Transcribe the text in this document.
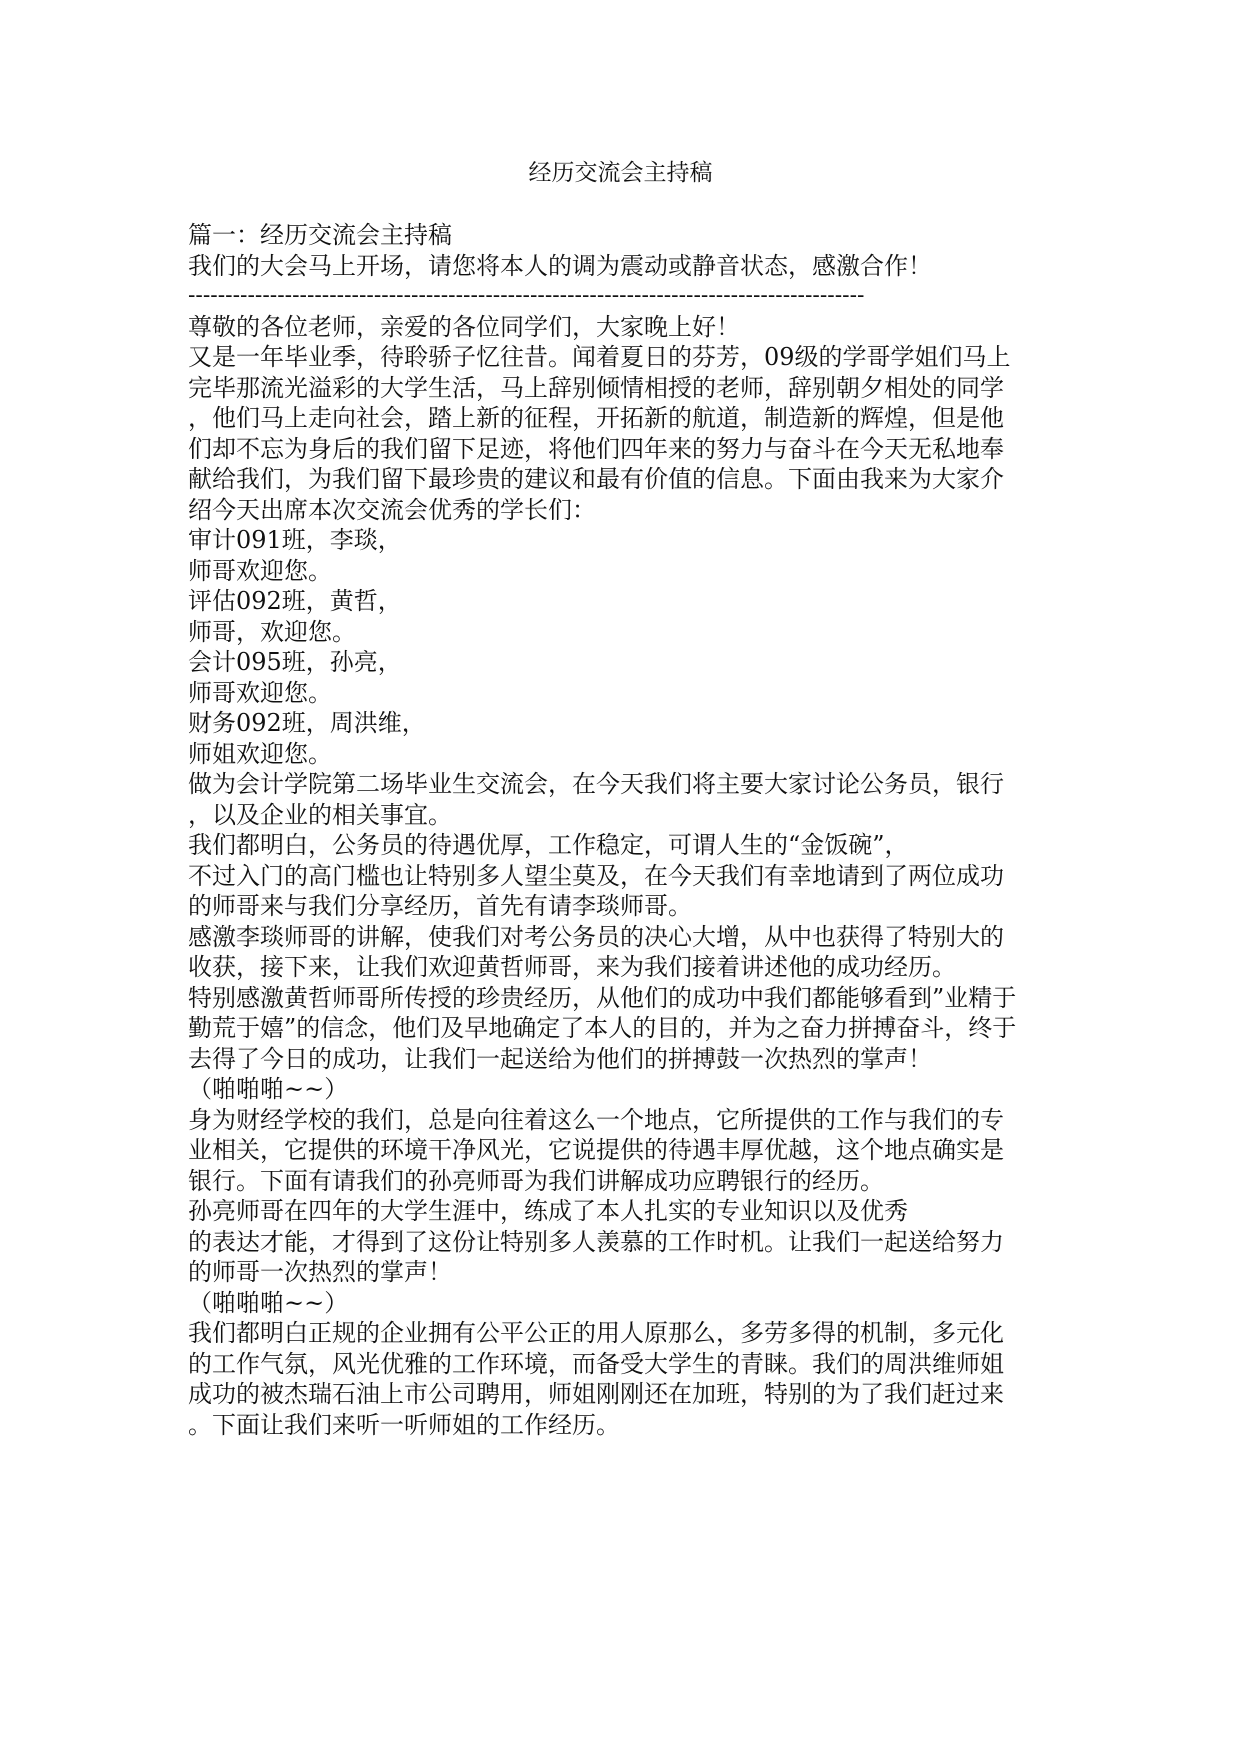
经历交流会主持稿
篇一：经历交流会主持稿
我们的大会马上开场，请您将本人的调为震动或静音状态，感激合作！
-------------------------------------------------------------------------------------------
尊敬的各位老师，亲爱的各位同学们，大家晚上好！
又是一年毕业季，待聆骄子忆往昔。闻着夏日的芬芳，09级的学哥学姐们马上
完毕那流光溢彩的大学生活，马上辞别倾情相授的老师，辞别朝夕相处的同学
，他们马上走向社会，踏上新的征程，开拓新的航道，制造新的辉煌，但是他
们却不忘为身后的我们留下足迹，将他们四年来的努力与奋斗在今天无私地奉
献给我们，为我们留下最珍贵的建议和最有价值的信息。下面由我来为大家介
绍今天出席本次交流会优秀的学长们：
审计091班，李琰，
师哥欢迎您。
评估092班，黄哲，
师哥，欢迎您。
会计095班，孙亮，
师哥欢迎您。
财务092班，周洪维，
师姐欢迎您。
做为会计学院第二场毕业生交流会，在今天我们将主要大家讨论公务员，银行
，以及企业的相关事宜。
我们都明白，公务员的待遇优厚，工作稳定，可谓人生的“金饭碗”，
不过入门的高门槛也让特别多人望尘莫及，在今天我们有幸地请到了两位成功
的师哥来与我们分享经历，首先有请李琰师哥。
感激李琰师哥的讲解，使我们对考公务员的决心大增，从中也获得了特别大的
收获，接下来，让我们欢迎黄哲师哥，来为我们接着讲述他的成功经历。
特别感激黄哲师哥所传授的珍贵经历，从他们的成功中我们都能够看到”业精于
勤荒于嬉”的信念，他们及早地确定了本人的目的，并为之奋力拼搏奋斗，终于
去得了今日的成功，让我们一起送给为他们的拼搏鼓一次热烈的掌声！
（啪啪啪~~）
身为财经学校的我们，总是向往着这么一个地点，它所提供的工作与我们的专
业相关，它提供的环境干净风光，它说提供的待遇丰厚优越，这个地点确实是
银行。下面有请我们的孙亮师哥为我们讲解成功应聘银行的经历。
孙亮师哥在四年的大学生涯中，练成了本人扎实的专业知识以及优秀
的表达才能，才得到了这份让特别多人羡慕的工作时机。让我们一起送给努力
的师哥一次热烈的掌声！
（啪啪啪~~）
我们都明白正规的企业拥有公平公正的用人原那么，多劳多得的机制，多元化
的工作气氛，风光优雅的工作环境，而备受大学生的青睐。我们的周洪维师姐
成功的被杰瑞石油上市公司聘用，师姐刚刚还在加班，特别的为了我们赶过来
。下面让我们来听一听师姐的工作经历。
